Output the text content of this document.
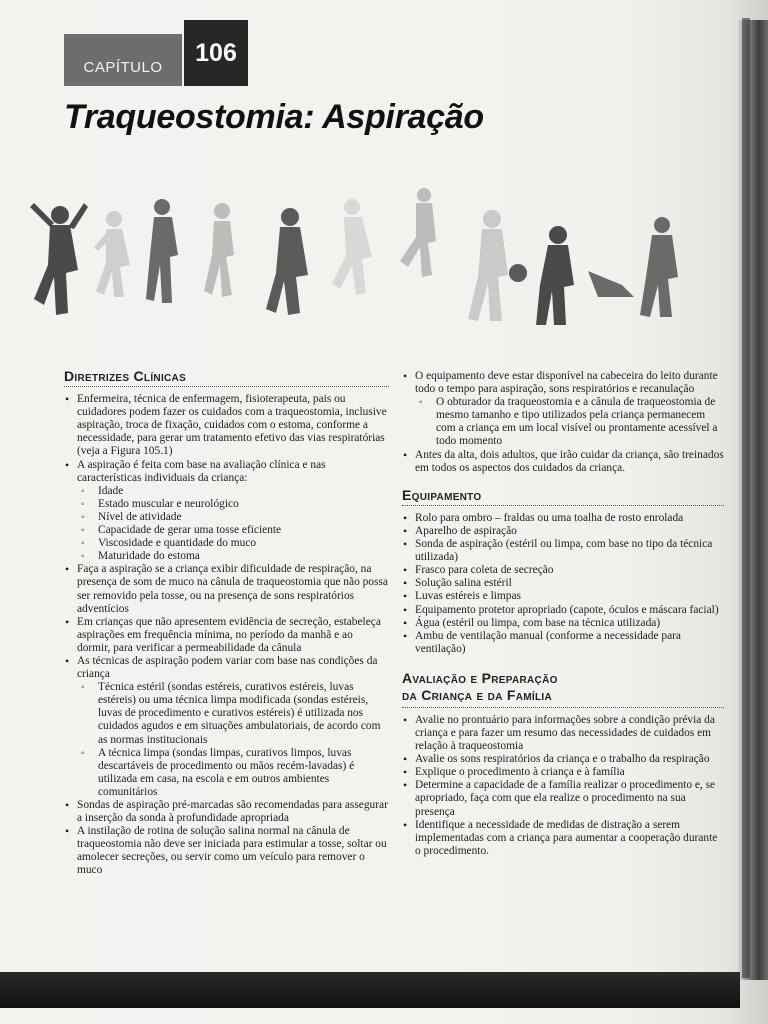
CAPÍTULO
106
Traqueostomia: Aspiração
Diretrizes Clínicas
• Enfermeira, técnica de enfermagem, fisioterapeuta, pais ou cuidadores podem fazer os cuidados com a traqueostomia, inclusive aspiração, troca de fixação, cuidados com o estoma, conforme a necessidade, para gerar um tratamento efetivo das vias respiratórias (veja a Figura 105.1)
• A aspiração é feita com base na avaliação clínica e nas características individuais da criança:
◦ Idade
◦ Estado muscular e neurológico
◦ Nível de atividade
◦ Capacidade de gerar uma tosse eficiente
◦ Viscosidade e quantidade do muco
◦ Maturidade do estoma
• Faça a aspiração se a criança exibir dificuldade de respiração, na presença de som de muco na cânula de traqueostomia que não possa ser removido pela tosse, ou na presença de sons respiratórios adventícios
• Em crianças que não apresentem evidência de secreção, estabeleça aspirações em frequência mínima, no período da manhã e ao dormir, para verificar a permeabilidade da cânula
• As técnicas de aspiração podem variar com base nas condições da criança
◦ Técnica estéril (sondas estéreis, curativos estéreis, luvas estéreis) ou uma técnica limpa modificada (sondas estéreis, luvas de procedimento e curativos estéreis) é utilizada nos cuidados agudos e em situações ambulatoriais, de acordo com as normas institucionais
◦ A técnica limpa (sondas limpas, curativos limpos, luvas descartáveis de procedimento ou mãos recém-lavadas) é utilizada em casa, na escola e em outros ambientes comunitários
• Sondas de aspiração pré-marcadas são recomendadas para assegurar a inserção da sonda à profundidade apropriada
• A instilação de rotina de solução salina normal na cânula de traqueostomia não deve ser iniciada para estimular a tosse, soltar ou amolecer secreções, ou servir como um veículo para remover o muco
• O equipamento deve estar disponível na cabeceira do leito durante todo o tempo para aspiração, sons respiratórios e recanulação
◦ O obturador da traqueostomia e a cânula de traqueostomia de mesmo tamanho e tipo utilizados pela criança permanecem com a criança em um local visível ou prontamente acessível a todo momento
• Antes da alta, dois adultos, que irão cuidar da criança, são treinados em todos os aspectos dos cuidados da criança.
Equipamento
• Rolo para ombro – fraldas ou uma toalha de rosto enrolada
• Aparelho de aspiração
• Sonda de aspiração (estéril ou limpa, com base no tipo da técnica utilizada)
• Frasco para coleta de secreção
• Solução salina estéril
• Luvas estéreis e limpas
• Equipamento protetor apropriado (capote, óculos e máscara facial)
• Água (estéril ou limpa, com base na técnica utilizada)
• Ambu de ventilação manual (conforme a necessidade para ventilação)
Avaliação e Preparação
da Criança e da Família
• Avalie no prontuário para informações sobre a condição prévia da criança e para fazer um resumo das necessidades de cuidados em relação à traqueostomia
• Avalie os sons respiratórios da criança e o trabalho da respiração
• Explique o procedimento à criança e à família
• Determine a capacidade de a família realizar o procedimento e, se apropriado, faça com que ela realize o procedimento na sua presença
• Identifique a necessidade de medidas de distração a serem implementadas com a criança para aumentar a cooperação durante o procedimento.
